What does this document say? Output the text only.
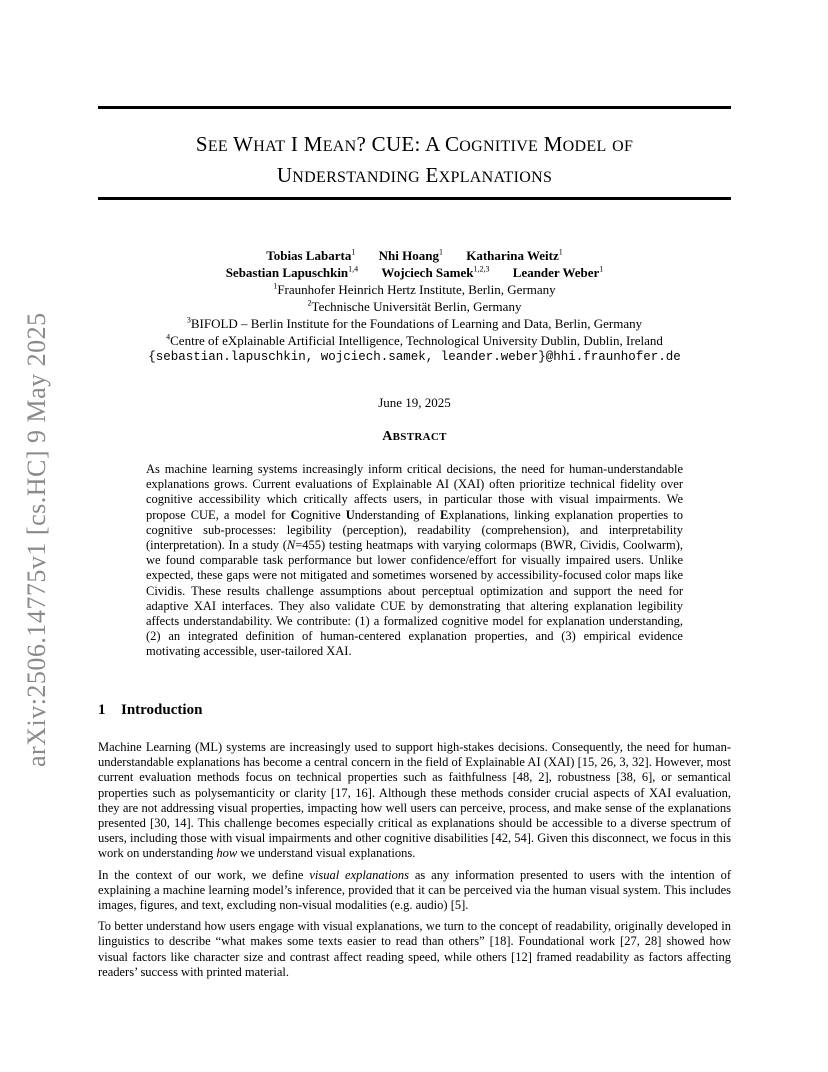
SEE WHAT I MEAN? CUE: A COGNITIVE MODEL OF
UNDERSTANDING EXPLANATIONS
arXiv:2506.14775v1 [cs.HC] 9 May 2025
Tobias Labarta$^1$ Nhi Hoang$^1$ Katharina Weitz$^1$
Sebastian Lapuschkin$^{1,4}$ Wojciech Samek$^{1,2,3}$ Leander Weber$^1$
$^1$Fraunhofer Heinrich Hertz Institute, Berlin, Germany
$^2$Technische Universität Berlin, Germany
$^3$BIFOLD – Berlin Institute for the Foundations of Learning and Data, Berlin, Germany
$^4$Centre of eXplainable Artificial Intelligence, Technological University Dublin, Dublin, Ireland
{sebastian.lapuschkin, wojciech.samek, leander.weber}@hhi.fraunhofer.de
June 19, 2025
ABSTRACT
As machine learning systems increasingly inform critical decisions, the need for human-understandable explanations grows. Current evaluations of Explainable AI (XAI) often prioritize technical fidelity over cognitive accessibility which critically affects users, in particular those with visual impairments. We propose CUE, a model for Cognitive Understanding of Explanations, linking explanation properties to cognitive sub-processes: legibility (perception), readability (comprehension), and interpretability (interpretation). In a study (N=455) testing heatmaps with varying colormaps (BWR, Cividis, Coolwarm), we found comparable task performance but lower confidence/effort for visually impaired users. Unlike expected, these gaps were not mitigated and sometimes worsened by accessibility-focused color maps like Cividis. These results challenge assumptions about perceptual optimization and support the need for adaptive XAI interfaces. They also validate CUE by demonstrating that altering explanation legibility affects understandability. We contribute: (1) a formalized cognitive model for explanation understanding, (2) an integrated definition of human-centered explanation properties, and (3) empirical evidence motivating accessible, user-tailored XAI.
1 Introduction

Machine Learning (ML) systems are increasingly used to support high-stakes decisions. Consequently, the need for human-understandable explanations has become a central concern in the field of Explainable AI (XAI) [15, 26, 3, 32]. However, most current evaluation methods focus on technical properties such as faithfulness [48, 2], robustness [38, 6], or semantical properties such as polysemanticity or clarity [17, 16]. Although these methods consider crucial aspects of XAI evaluation, they are not addressing visual properties, impacting how well users can perceive, process, and make sense of the explanations presented [30, 14]. This challenge becomes especially critical as explanations should be accessible to a diverse spectrum of users, including those with visual impairments and other cognitive disabilities [42, 54]. Given this disconnect, we focus in this work on understanding how we understand visual explanations.

In the context of our work, we define visual explanations as any information presented to users with the intention of explaining a machine learning model’s inference, provided that it can be perceived via the human visual system. This includes images, figures, and text, excluding non-visual modalities (e.g. audio) [5].

To better understand how users engage with visual explanations, we turn to the concept of readability, originally developed in linguistics to describe “what makes some texts easier to read than others” [18]. Foundational work [27, 28] showed how visual factors like character size and contrast affect reading speed, while others [12] framed readability as factors affecting readers’ success with printed material.
